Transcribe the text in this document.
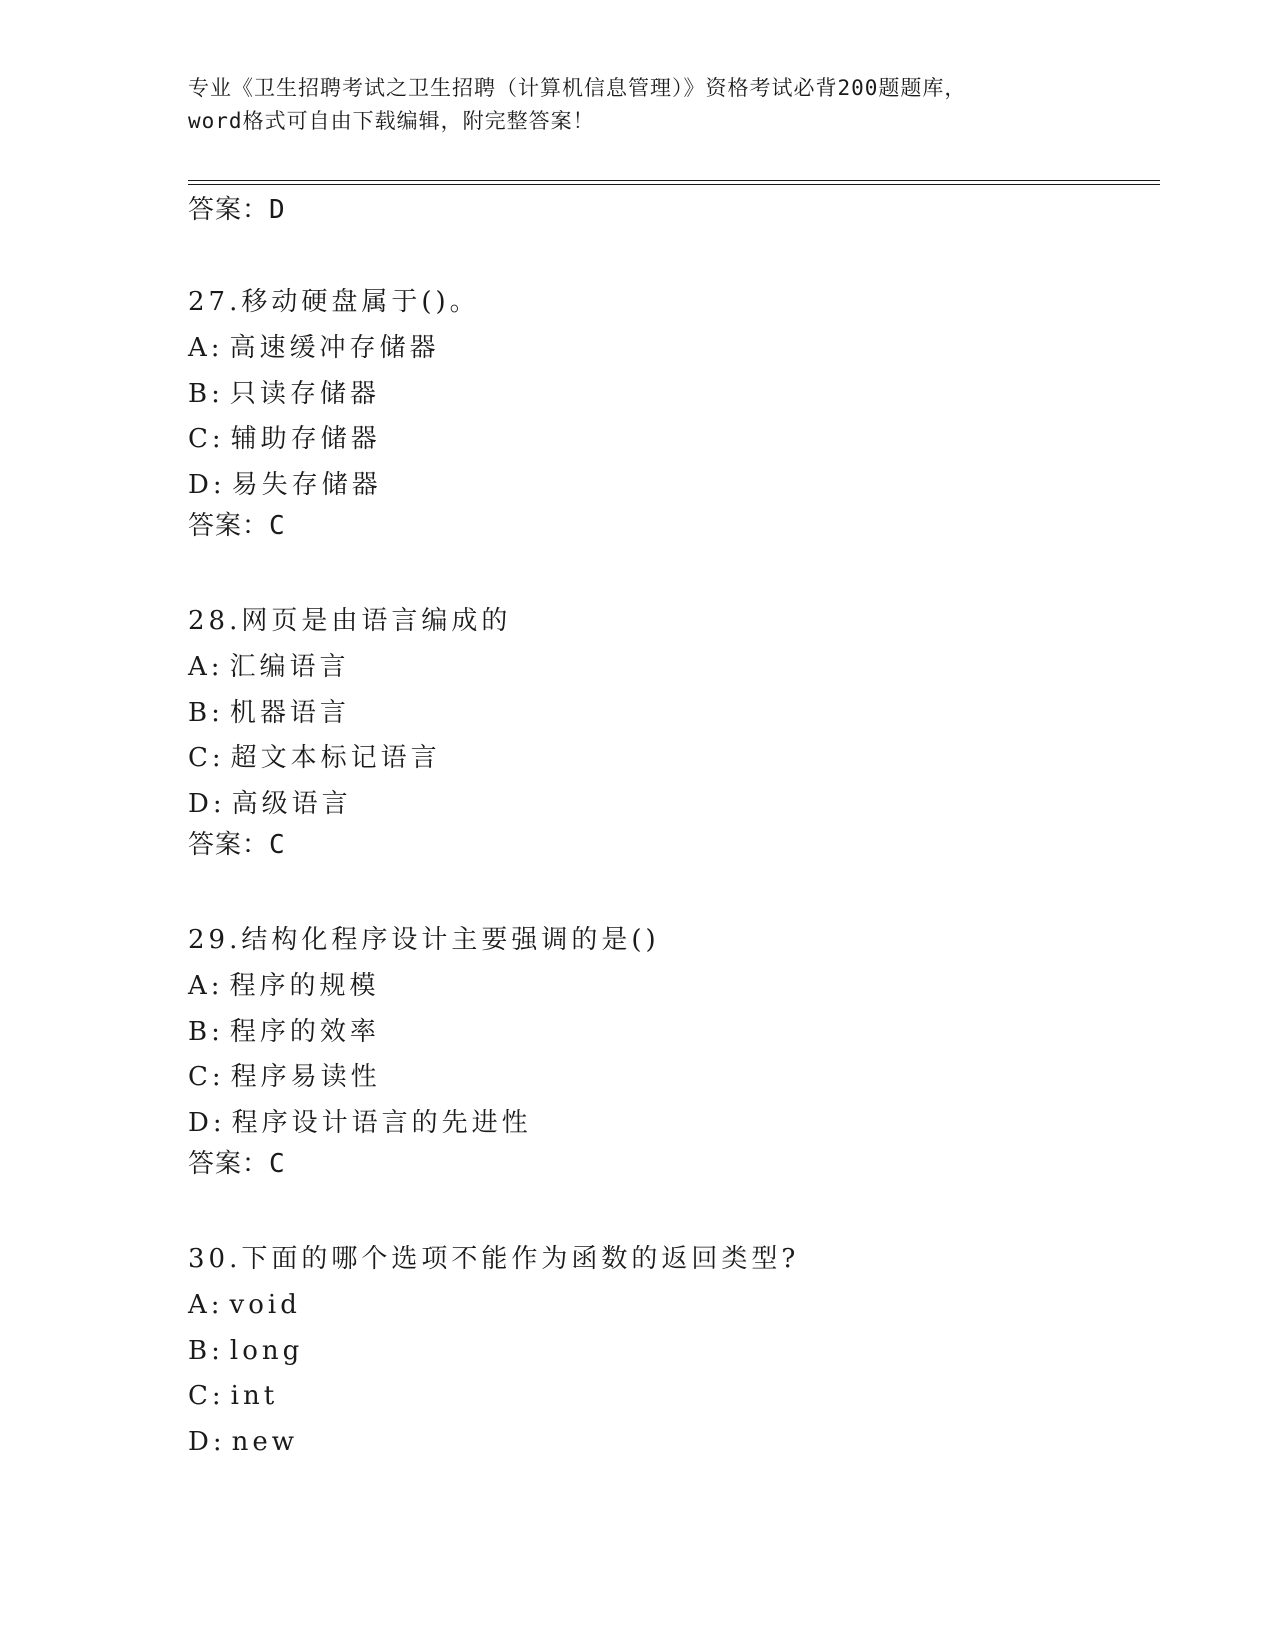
专业《卫生招聘考试之卫生招聘（计算机信息管理）》资格考试必背200题题库，
word格式可自由下载编辑，附完整答案！
答案：D
27.移动硬盘属于()。
A: 高速缓冲存储器
B: 只读存储器
C: 辅助存储器
D: 易失存储器
答案：C
28.网页是由语言编成的
A: 汇编语言
B: 机器语言
C: 超文本标记语言
D: 高级语言
答案：C
29.结构化程序设计主要强调的是()
A: 程序的规模
B: 程序的效率
C: 程序易读性
D: 程序设计语言的先进性
答案：C
30.下面的哪个选项不能作为函数的返回类型?
A: void
B: long
C: int
D: new
